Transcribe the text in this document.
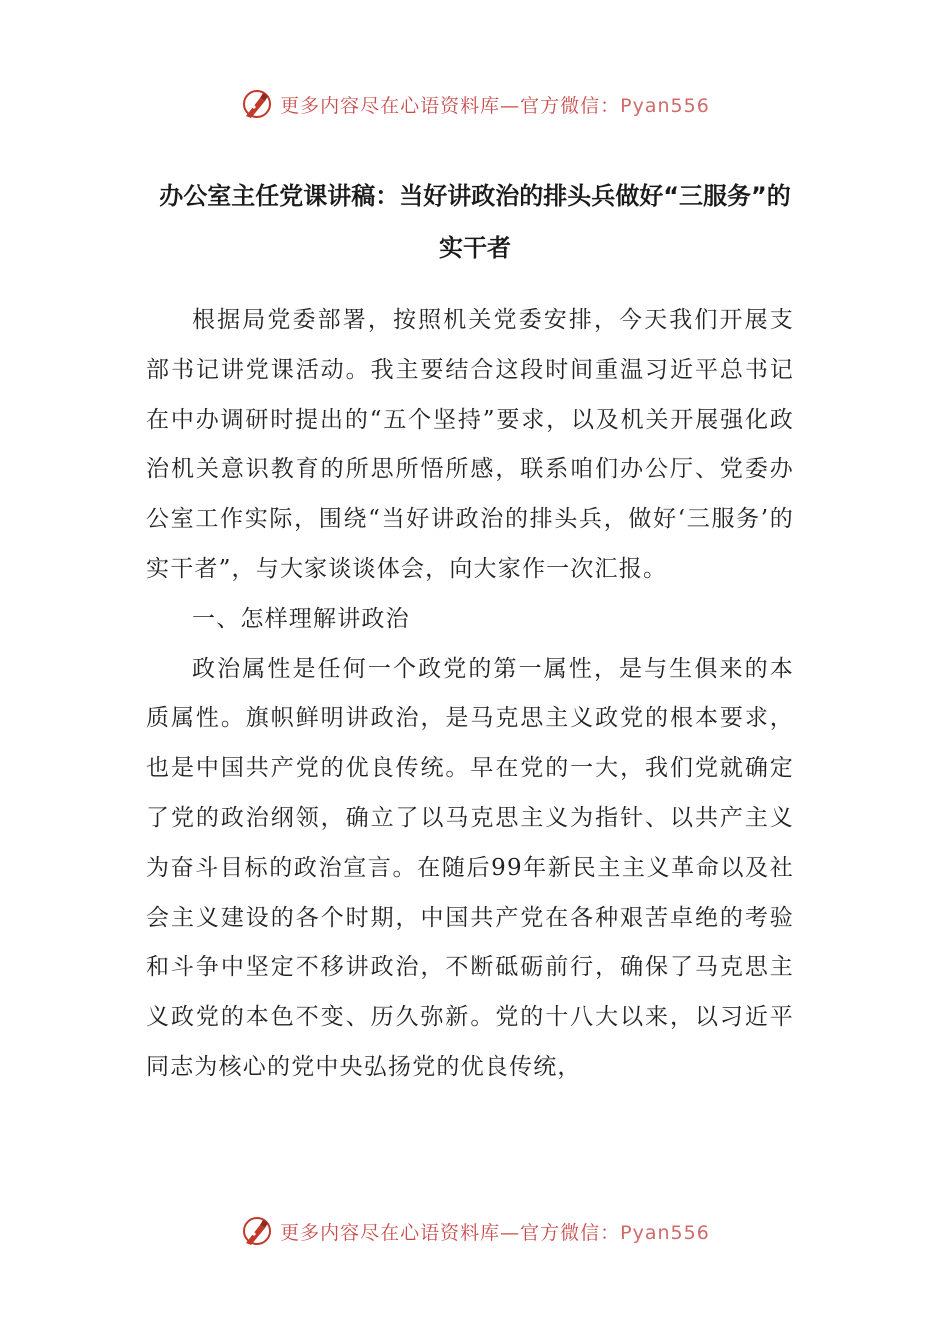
更多内容尽在心语资料库—官方微信：Pyan556
办公室主任党课讲稿：当好讲政治的排头兵做好“三服务”的实干者

根据局党委部署，按照机关党委安排，今天我们开展支部书记讲党课活动。我主要结合这段时间重温习近平总书记在中办调研时提出的“五个坚持”要求，以及机关开展强化政治机关意识教育的所思所悟所感，联系咱们办公厅、党委办公室工作实际，围绕“当好讲政治的排头兵，做好‘三服务’的实干者”，与大家谈谈体会，向大家作一次汇报。

一、怎样理解讲政治

政治属性是任何一个政党的第一属性，是与生俱来的本质属性。旗帜鲜明讲政治，是马克思主义政党的根本要求，也是中国共产党的优良传统。早在党的一大，我们党就确定了党的政治纲领，确立了以马克思主义为指针、以共产主义为奋斗目标的政治宣言。在随后99年新民主主义革命以及社会主义建设的各个时期，中国共产党在各种艰苦卓绝的考验和斗争中坚定不移讲政治，不断砥砺前行，确保了马克思主义政党的本色不变、历久弥新。党的十八大以来，以习近平同志为核心的党中央弘扬党的优良传统，

更多内容尽在心语资料库—官方微信：Pyan556
